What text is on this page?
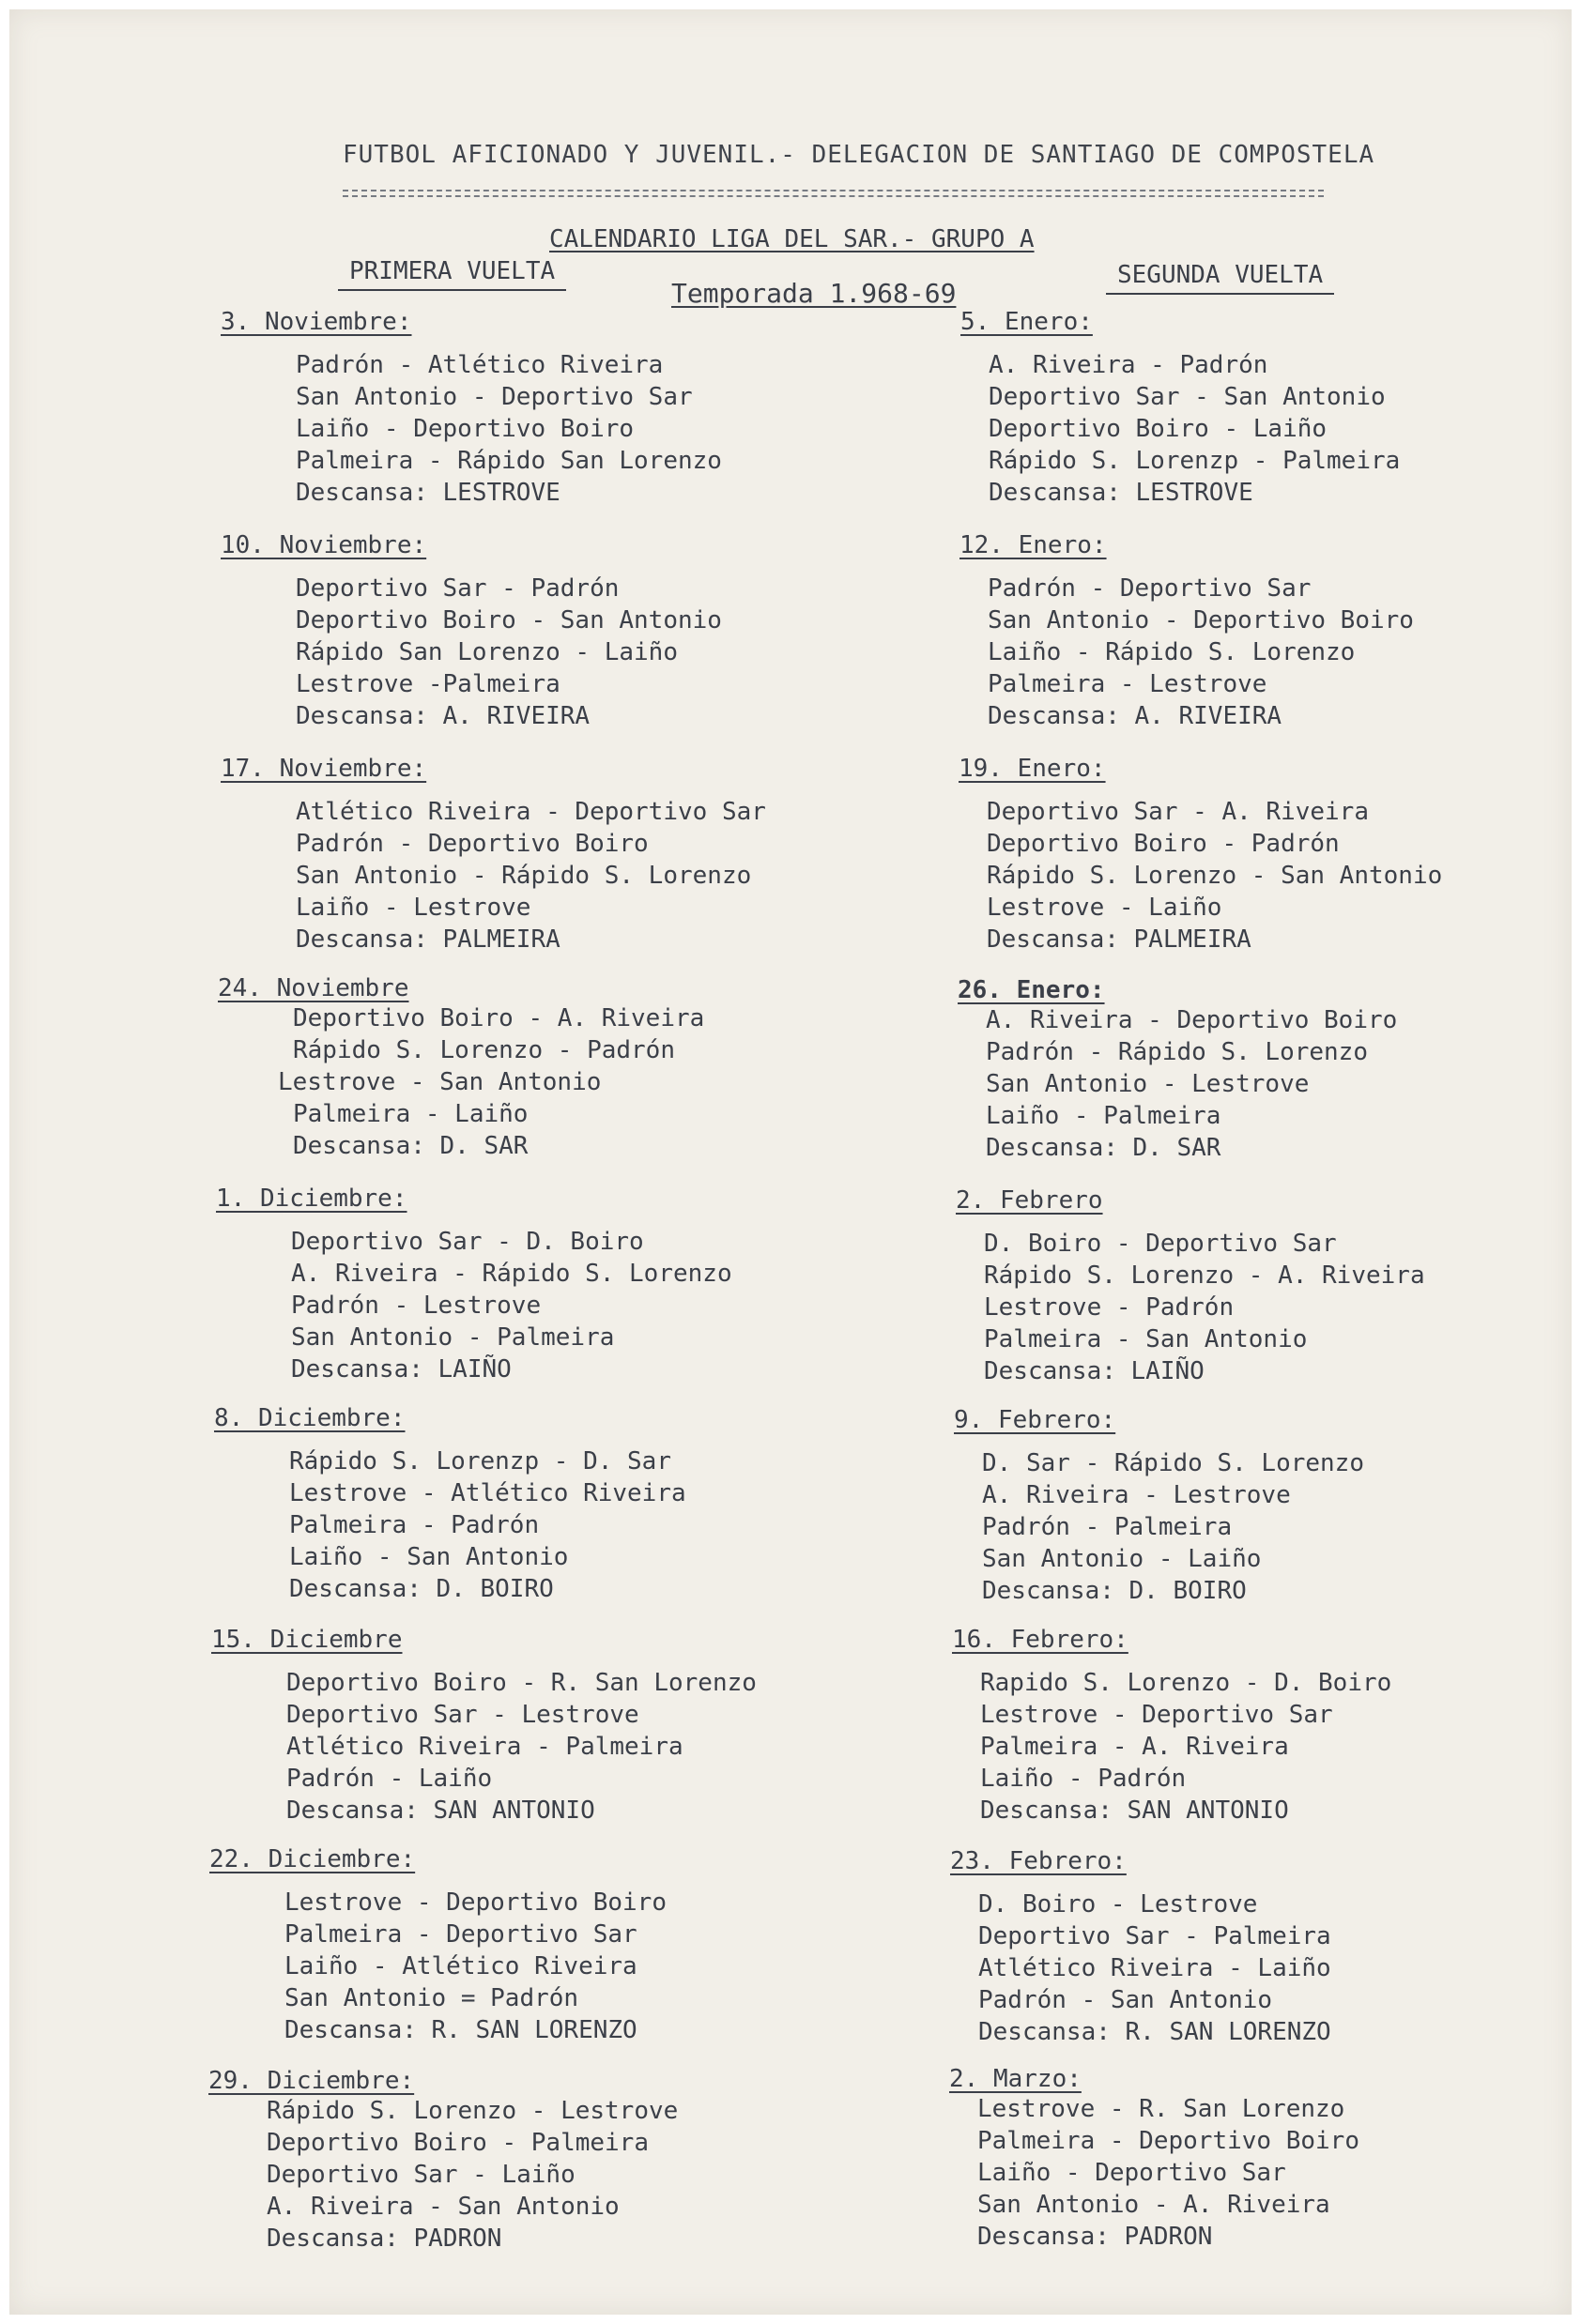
FUTBOL AFICIONADO Y JUVENIL.- DELEGACION DE SANTIAGO DE COMPOSTELA
CALENDARIO LIGA DEL SAR.- GRUPO A
PRIMERA VUELTA	SEGUNDA VUELTA
Temporada 1.968-69
3. Noviembre:
Padrón - Atlético Riveira
San Antonio - Deportivo Sar
Laiño - Deportivo Boiro
Palmeira - Rápido San Lorenzo
Descansa: LESTROVE
10. Noviembre:
Deportivo Sar - Padrón
Deportivo Boiro - San Antonio
Rápido San Lorenzo - Laiño
Lestrove -Palmeira
Descansa: A. RIVEIRA
17. Noviembre:
Atlético Riveira - Deportivo Sar
Padrón - Deportivo Boiro
San Antonio - Rápido S. Lorenzo
Laiño - Lestrove
Descansa: PALMEIRA
24. Noviembre
Deportivo Boiro - A. Riveira
Rápido S. Lorenzo - Padrón
Lestrove - San Antonio
Palmeira - Laiño
Descansa: D. SAR
1. Diciembre:
Deportivo Sar - D. Boiro
A. Riveira - Rápido S. Lorenzo
Padrón - Lestrove
San Antonio - Palmeira
Descansa: LAIÑO
8. Diciembre:
Rápido S. Lorenzp - D. Sar
Lestrove - Atlético Riveira
Palmeira - Padrón
Laiño - San Antonio
Descansa: D. BOIRO
15. Diciembre
Deportivo Boiro - R. San Lorenzo
Deportivo Sar - Lestrove
Atlético Riveira - Palmeira
Padrón - Laiño
Descansa: SAN ANTONIO
22. Diciembre:
Lestrove - Deportivo Boiro
Palmeira - Deportivo Sar
Laiño - Atlético Riveira
San Antonio = Padrón
Descansa: R. SAN LORENZO
29. Diciembre:
Rápido S. Lorenzo - Lestrove
Deportivo Boiro - Palmeira
Deportivo Sar - Laiño
A. Riveira - San Antonio
Descansa: PADRON
5. Enero:
A. Riveira - Padrón
Deportivo Sar - San Antonio
Deportivo Boiro - Laiño
Rápido S. Lorenzp - Palmeira
Descansa: LESTROVE
12. Enero:
Padrón - Deportivo Sar
San Antonio - Deportivo Boiro
Laiño - Rápido S. Lorenzo
Palmeira - Lestrove
Descansa: A. RIVEIRA
19. Enero:
Deportivo Sar - A. Riveira
Deportivo Boiro - Padrón
Rápido S. Lorenzo - San Antonio
Lestrove - Laiño
Descansa: PALMEIRA
26. Enero:
A. Riveira - Deportivo Boiro
Padrón - Rápido S. Lorenzo
San Antonio - Lestrove
Laiño - Palmeira
Descansa: D. SAR
2. Febrero
D. Boiro - Deportivo Sar
Rápido S. Lorenzo - A. Riveira
Lestrove - Padrón
Palmeira - San Antonio
Descansa: LAIÑO
9. Febrero:
D. Sar - Rápido S. Lorenzo
A. Riveira - Lestrove
Padrón - Palmeira
San Antonio - Laiño
Descansa: D. BOIRO
16. Febrero:
Rapido S. Lorenzo - D. Boiro
Lestrove - Deportivo Sar
Palmeira - A. Riveira
Laiño - Padrón
Descansa: SAN ANTONIO
23. Febrero:
D. Boiro - Lestrove
Deportivo Sar - Palmeira
Atlético Riveira - Laiño
Padrón - San Antonio
Descansa: R. SAN LORENZO
2. Marzo:
Lestrove - R. San Lorenzo
Palmeira - Deportivo Boiro
Laiño - Deportivo Sar
San Antonio - A. Riveira
Descansa: PADRON
